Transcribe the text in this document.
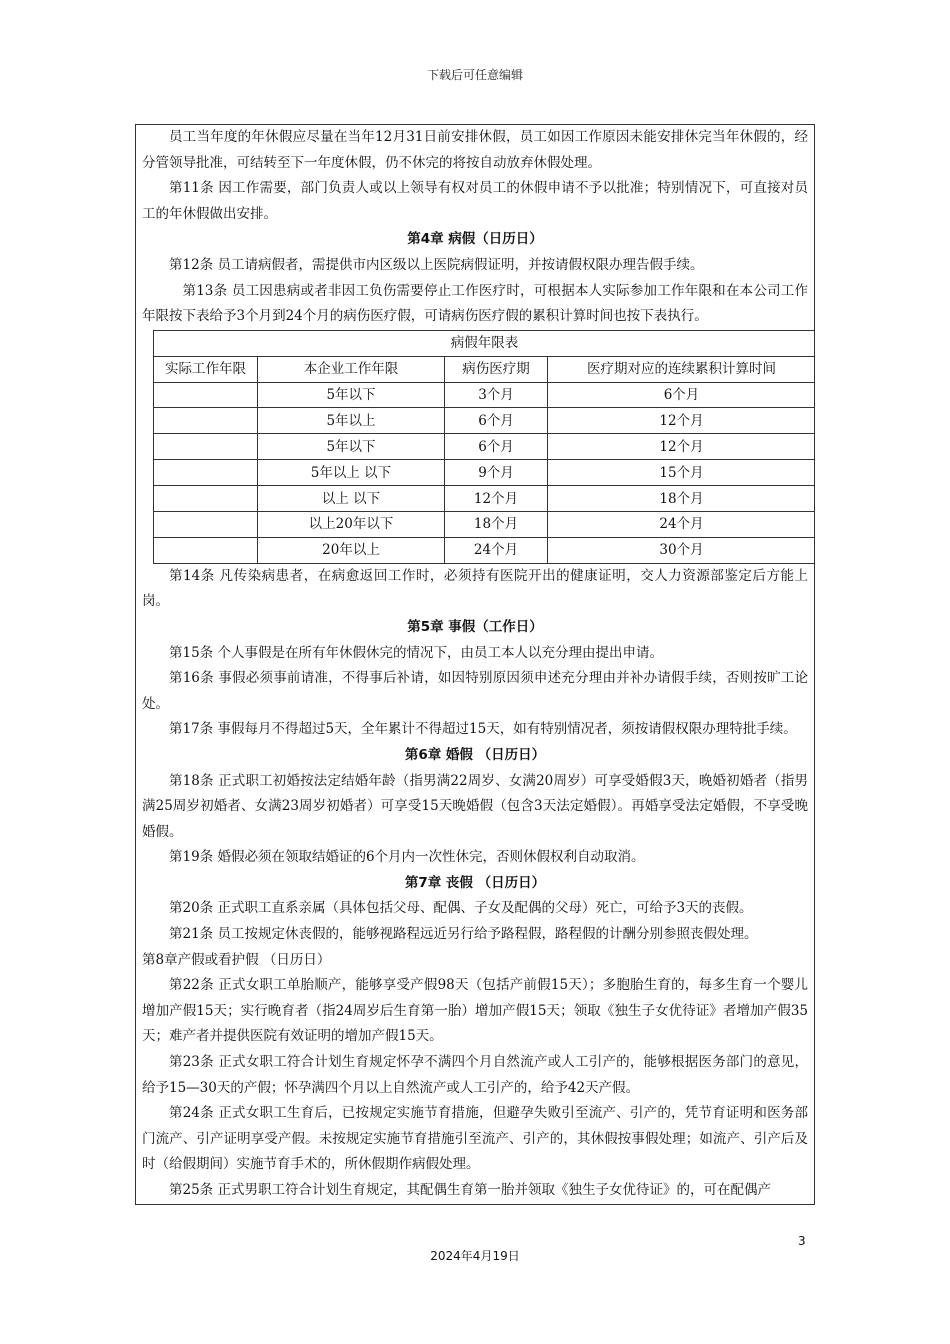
下载后可任意编辑

员工当年度的年休假应尽量在当年12月31日前安排休假，员工如因工作原因未能安排休完当年休假的，经分管领导批准，可结转至下一年度休假，仍不休完的将按自动放弃休假处理。

第11条 因工作需要，部门负责人或以上领导有权对员工的休假申请不予以批准；特别情况下，可直接对员工的年休假做出安排。

第4章 病假（日历日）

第12条 员工请病假者，需提供市内区级以上医院病假证明，并按请假权限办理告假手续。

第13条 员工因患病或者非因工负伤需要停止工作医疗时，可根据本人实际参加工作年限和在本公司工作年限按下表给予3个月到24个月的病伤医疗假，可请病伤医疗假的累积计算时间也按下表执行。

病假年限表			
实际工作年限	本企业工作年限	病伤医疗期	医疗期对应的连续累积计算时间
	5年以下	3个月	6个月
	5年以上	6个月	12个月
	5年以下	6个月	12个月
	5年以上 以下	9个月	15个月
	以上 以下	12个月	18个月
	以上20年以下	18个月	24个月
	20年以上	24个月	30个月

第14条 凡传染病患者，在病愈返回工作时，必须持有医院开出的健康证明，交人力资源部鉴定后方能上岗。

第5章 事假（工作日）

第15条 个人事假是在所有年休假休完的情况下，由员工本人以充分理由提出申请。

第16条 事假必须事前请准，不得事后补请，如因特别原因须申述充分理由并补办请假手续，否则按旷工论处。

第17条 事假每月不得超过5天，全年累计不得超过15天，如有特别情况者，须按请假权限办理特批手续。

第6章 婚假 （日历日）

第18条 正式职工初婚按法定结婚年龄（指男满22周岁、女满20周岁）可享受婚假3天，晚婚初婚者（指男满25周岁初婚者、女满23周岁初婚者）可享受15天晚婚假（包含3天法定婚假）。再婚享受法定婚假，不享受晚婚假。

第19条 婚假必须在领取结婚证的6个月内一次性休完，否则休假权利自动取消。

第7章 丧假 （日历日）

第20条 正式职工直系亲属（具体包括父母、配偶、子女及配偶的父母）死亡，可给予3天的丧假。

第21条 员工按规定休丧假的，能够视路程远近另行给予路程假，路程假的计酬分别参照丧假处理。

第8章产假或看护假 （日历日）

第22条 正式女职工单胎顺产，能够享受产假98天（包括产前假15天）；多胞胎生育的，每多生育一个婴儿增加产假15天；实行晚育者（指24周岁后生育第一胎）增加产假15天；领取《独生子女优待证》者增加产假35天；难产者并提供医院有效证明的增加产假15天。

第23条 正式女职工符合计划生育规定怀孕不满四个月自然流产或人工引产的，能够根据医务部门的意见，给予15—30天的产假；怀孕满四个月以上自然流产或人工引产的，给予42天产假。

第24条 正式女职工生育后，已按规定实施节育措施，但避孕失败引至流产、引产的，凭节育证明和医务部门流产、引产证明享受产假。未按规定实施节育措施引至流产、引产的，其休假按事假处理；如流产、引产后及时（给假期间）实施节育手术的，所休假期作病假处理。

第25条 正式男职工符合计划生育规定，其配偶生育第一胎并领取《独生子女优待证》的，可在配偶产

3
2024年4月19日
